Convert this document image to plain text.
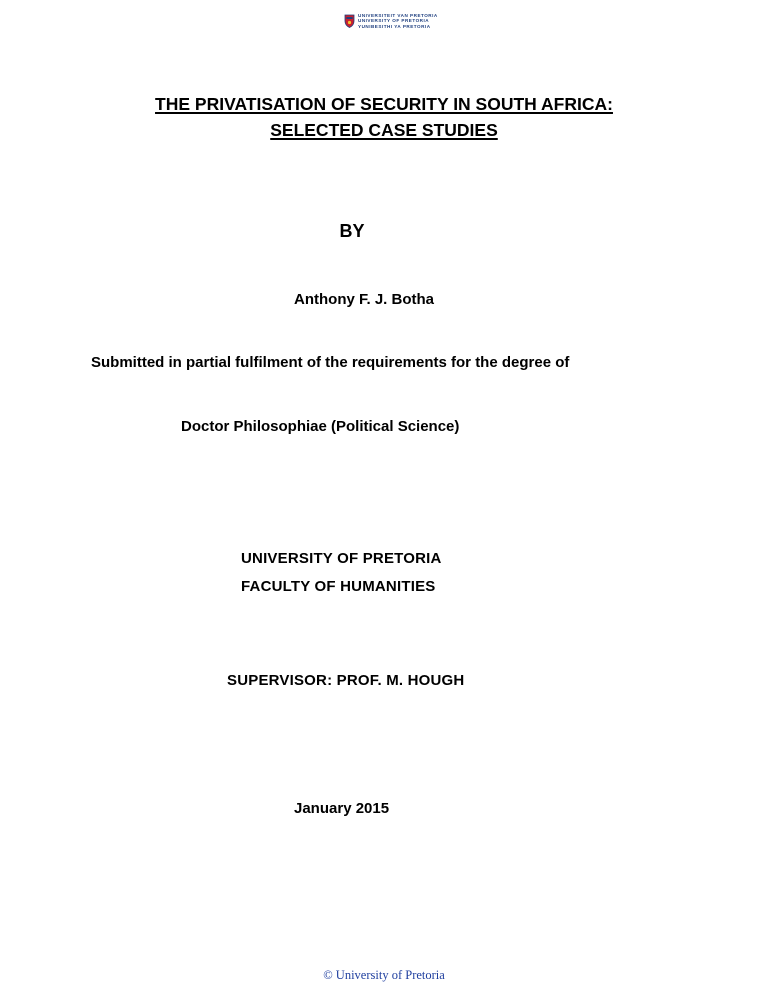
UNIVERSITEIT VAN PRETORIA
UNIVERSITY OF PRETORIA
YUNIBESITHI YA PRETORIA
THE PRIVATISATION OF SECURITY IN SOUTH AFRICA:
SELECTED CASE STUDIES
BY
Anthony F. J. Botha
Submitted in partial fulfilment of the requirements for the degree of
Doctor Philosophiae (Political Science)
UNIVERSITY OF PRETORIA
FACULTY OF HUMANITIES
SUPERVISOR: PROF. M. HOUGH
January 2015
© University of Pretoria
